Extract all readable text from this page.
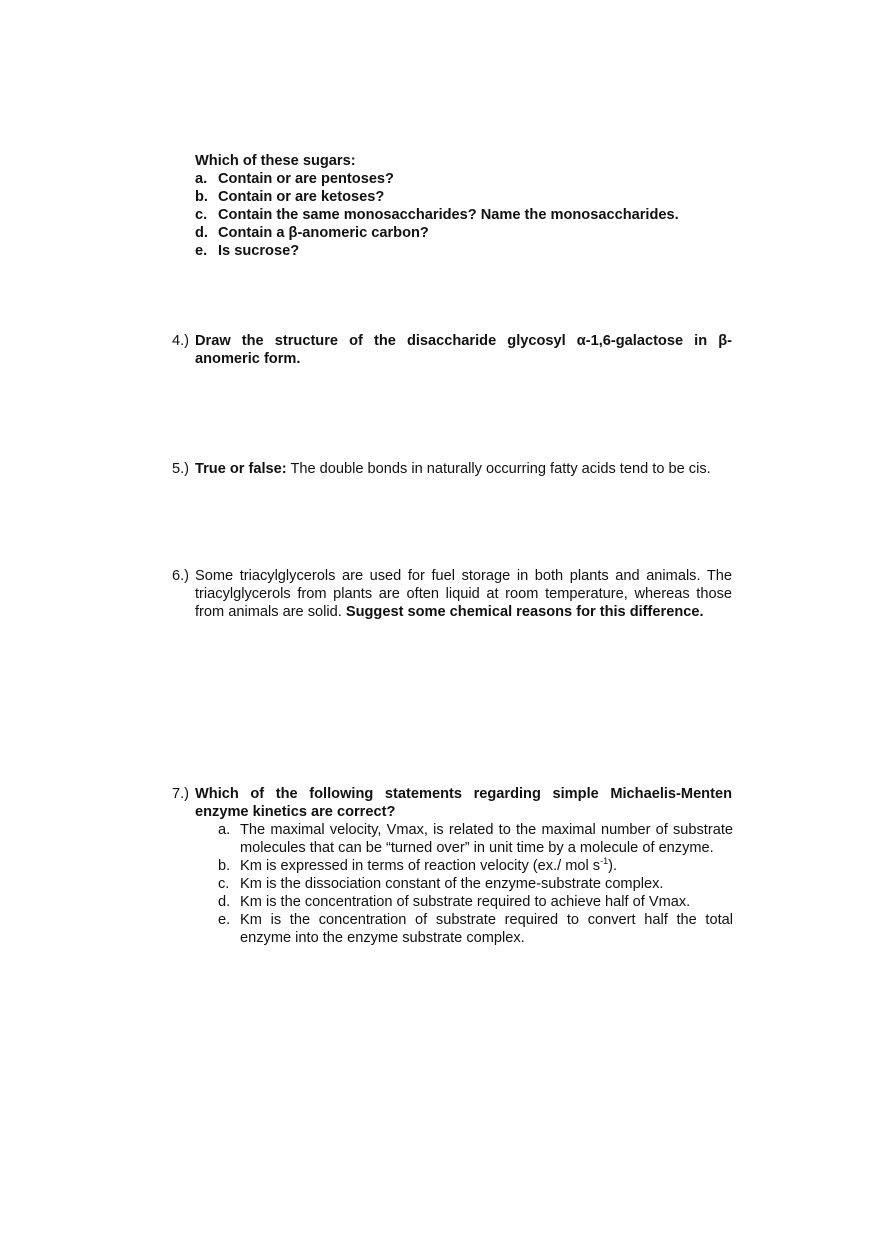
Which of these sugars:
a. Contain or are pentoses?
b. Contain or are ketoses?
c. Contain the same monosaccharides? Name the monosaccharides.
d. Contain a β-anomeric carbon?
e. Is sucrose?
4.) Draw the structure of the disaccharide glycosyl α-1,6-galactose in β-
anomeric form.
5.) True or false: The double bonds in naturally occurring fatty acids tend to be cis.
6.) Some triacylglycerols are used for fuel storage in both plants and animals. The triacylglycerols from plants are often liquid at room temperature, whereas those from animals are solid. Suggest some chemical reasons for this difference.
7.) Which of the following statements regarding simple Michaelis-Menten enzyme kinetics are correct?
a. The maximal velocity, Vmax, is related to the maximal number of substrate molecules that can be “turned over” in unit time by a molecule of enzyme.
b. Km is expressed in terms of reaction velocity (ex./ mol $s^{-1}$).
c. Km is the dissociation constant of the enzyme-substrate complex.
d. Km is the concentration of substrate required to achieve half of Vmax.
e. Km is the concentration of substrate required to convert half the total enzyme into the enzyme substrate complex.
